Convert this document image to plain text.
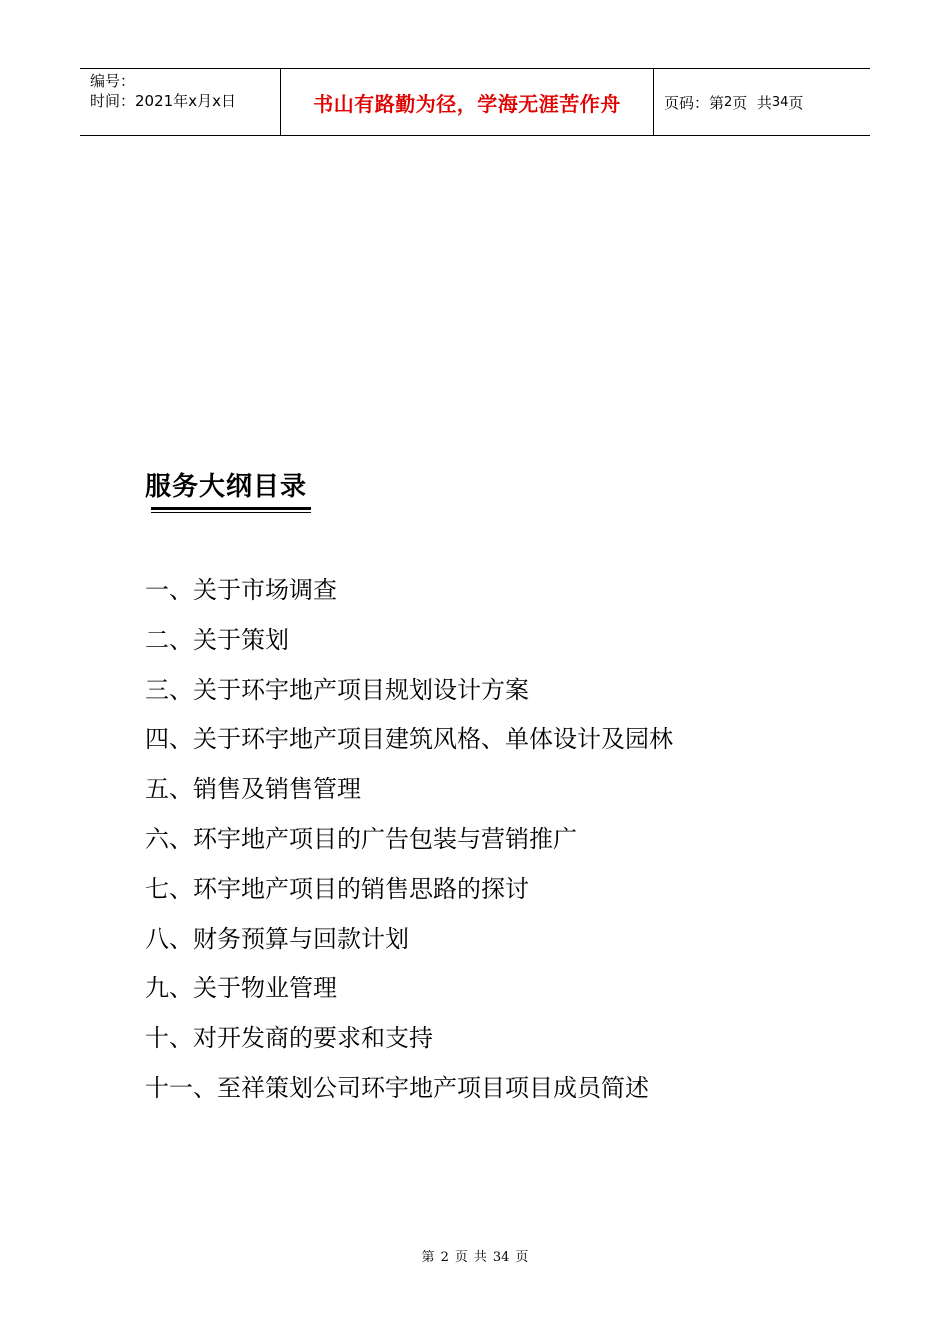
编号：
时间：2021年x月x日	书山有路勤为径，学海无涯苦作舟	页码：第 2 页  共 34 页
服务大纲目录
一、关于市场调查
二、关于策划
三、关于环宇地产项目规划设计方案
四、关于环宇地产项目建筑风格、单体设计及园林
五、销售及销售管理
六、环宇地产项目的广告包装与营销推广
七、环宇地产项目的销售思路的探讨
八、财务预算与回款计划
九、关于物业管理
十、对开发商的要求和支持
十一、至祥策划公司环宇地产项目项目成员简述
第 2 页 共 34 页
